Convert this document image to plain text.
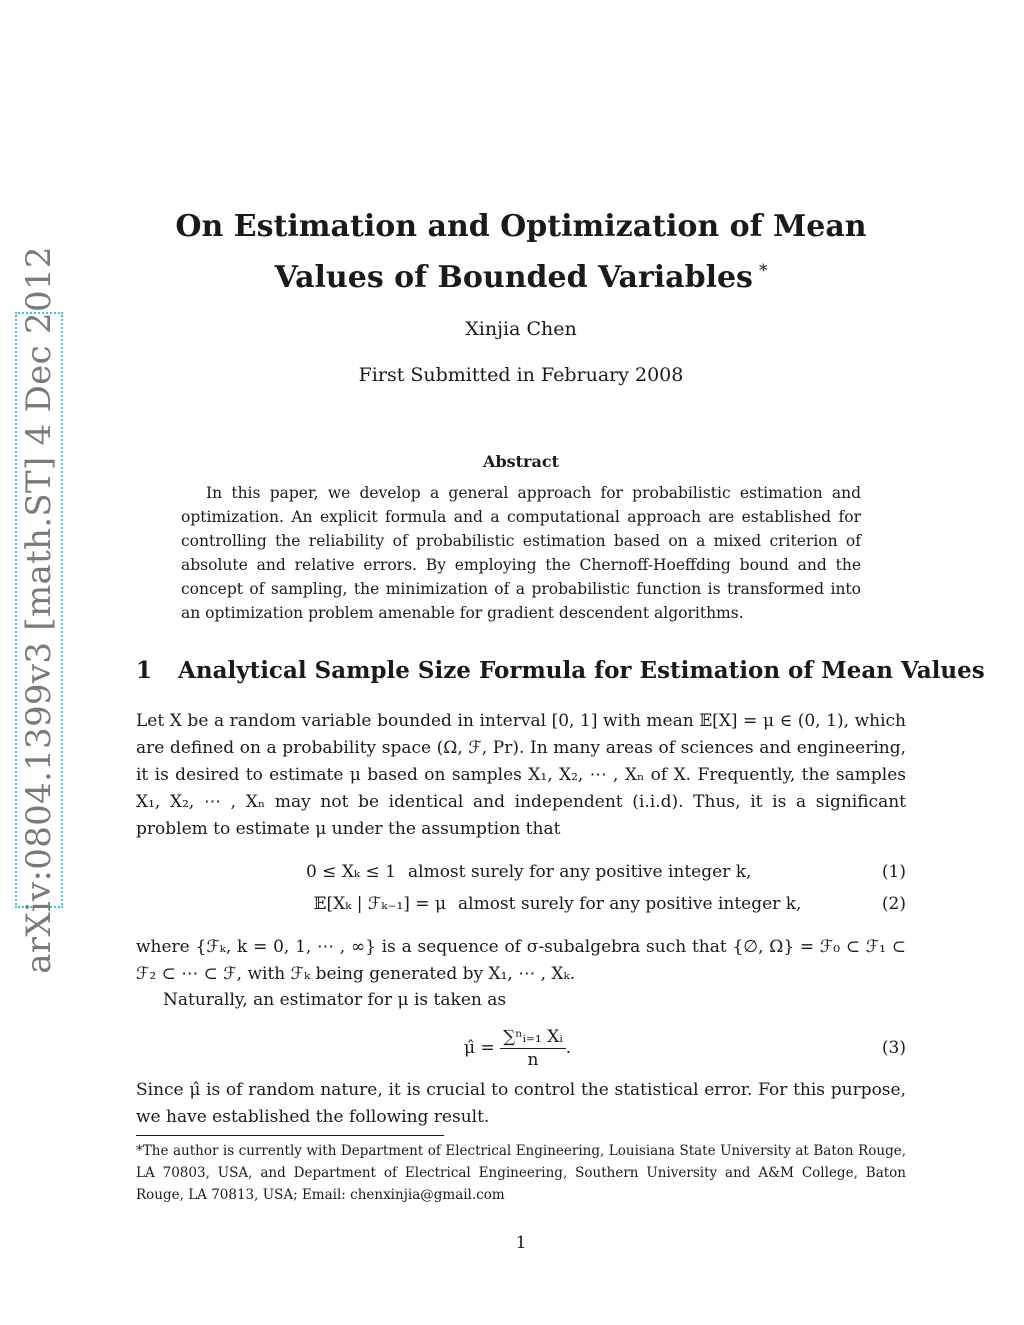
arXiv:0804.1399v3 [math.ST] 4 Dec 2012
On Estimation and Optimization of Mean Values of Bounded Variables *

Xinjia Chen

First Submitted in February 2008

Abstract

In this paper, we develop a general approach for probabilistic estimation and optimization. An explicit formula and a computational approach are established for controlling the reliability of probabilistic estimation based on a mixed criterion of absolute and relative errors. By employing the Chernoff-Hoeffding bound and the concept of sampling, the minimization of a probabilistic function is transformed into an optimization problem amenable for gradient descendent algorithms.

1 Analytical Sample Size Formula for Estimation of Mean Values

Let X be a random variable bounded in interval [0, 1] with mean 𝔼[X] = μ ∈ (0, 1), which are defined on a probability space (Ω, ℱ, Pr). In many areas of sciences and engineering, it is desired to estimate μ based on samples X₁, X₂, ⋯ , Xₙ of X. Frequently, the samples X₁, X₂, ⋯ , Xₙ may not be identical and independent (i.i.d). Thus, it is a significant problem to estimate μ under the assumption that

0 ≤ Xₖ ≤ 1 almost surely for any positive integer k,	(1)
𝔼[Xₖ | ℱₖ₋₁] = μ almost surely for any positive integer k,	(2)

where {ℱₖ, k = 0, 1, ⋯ , ∞} is a sequence of σ-subalgebra such that {∅, Ω} = ℱ₀ ⊂ ℱ₁ ⊂ ℱ₂ ⊂ ⋯ ⊂ ℱ, with ℱₖ being generated by X₁, ⋯ , Xₖ.

Naturally, an estimator for μ is taken as

μ̂ = $\frac{\text{∑ⁿᵢ₌₁ Xᵢ}}{n}$ .	(3)

Since μ̂ is of random nature, it is crucial to control the statistical error. For this purpose, we have established the following result.

*The author is currently with Department of Electrical Engineering, Louisiana State University at Baton Rouge, LA 70803, USA, and Department of Electrical Engineering, Southern University and A&M College, Baton Rouge, LA 70813, USA; Email: chenxinjia@gmail.com

1
